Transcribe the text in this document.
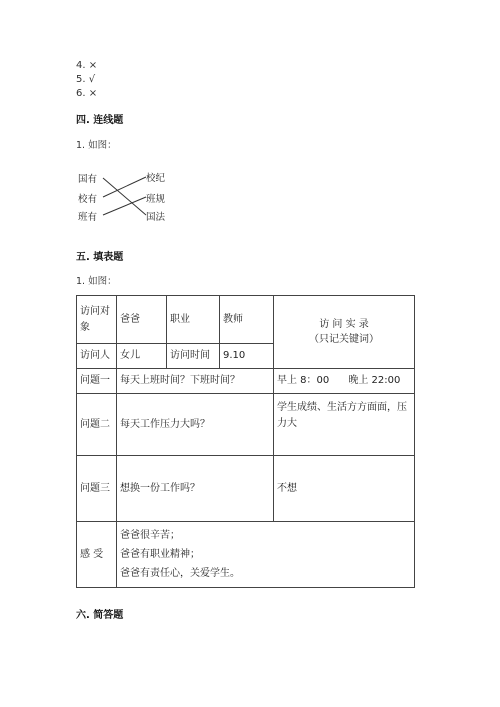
4. ×
5. √
6. ×
四. 连线题
1. 如图：
国有
校有
班有
校纪
班规
国法
五. 填表题
1. 如图：
访问对象	爸爸	职业	教师	访 问 实 录
（只记关键词）

访问人	女儿	访问时间	9.10	
问题一	每天上班时间？下班时间？			早上 8：00      晚上 22:00
问题二	每天工作压力大吗？			学生成绩、生活方方面面，压力大
问题三	想换一份工作吗？			不想
感 受	爸爸很辛苦；
爸爸有职业精神；
爸爸有责任心，关爱学生。			
六. 简答题
